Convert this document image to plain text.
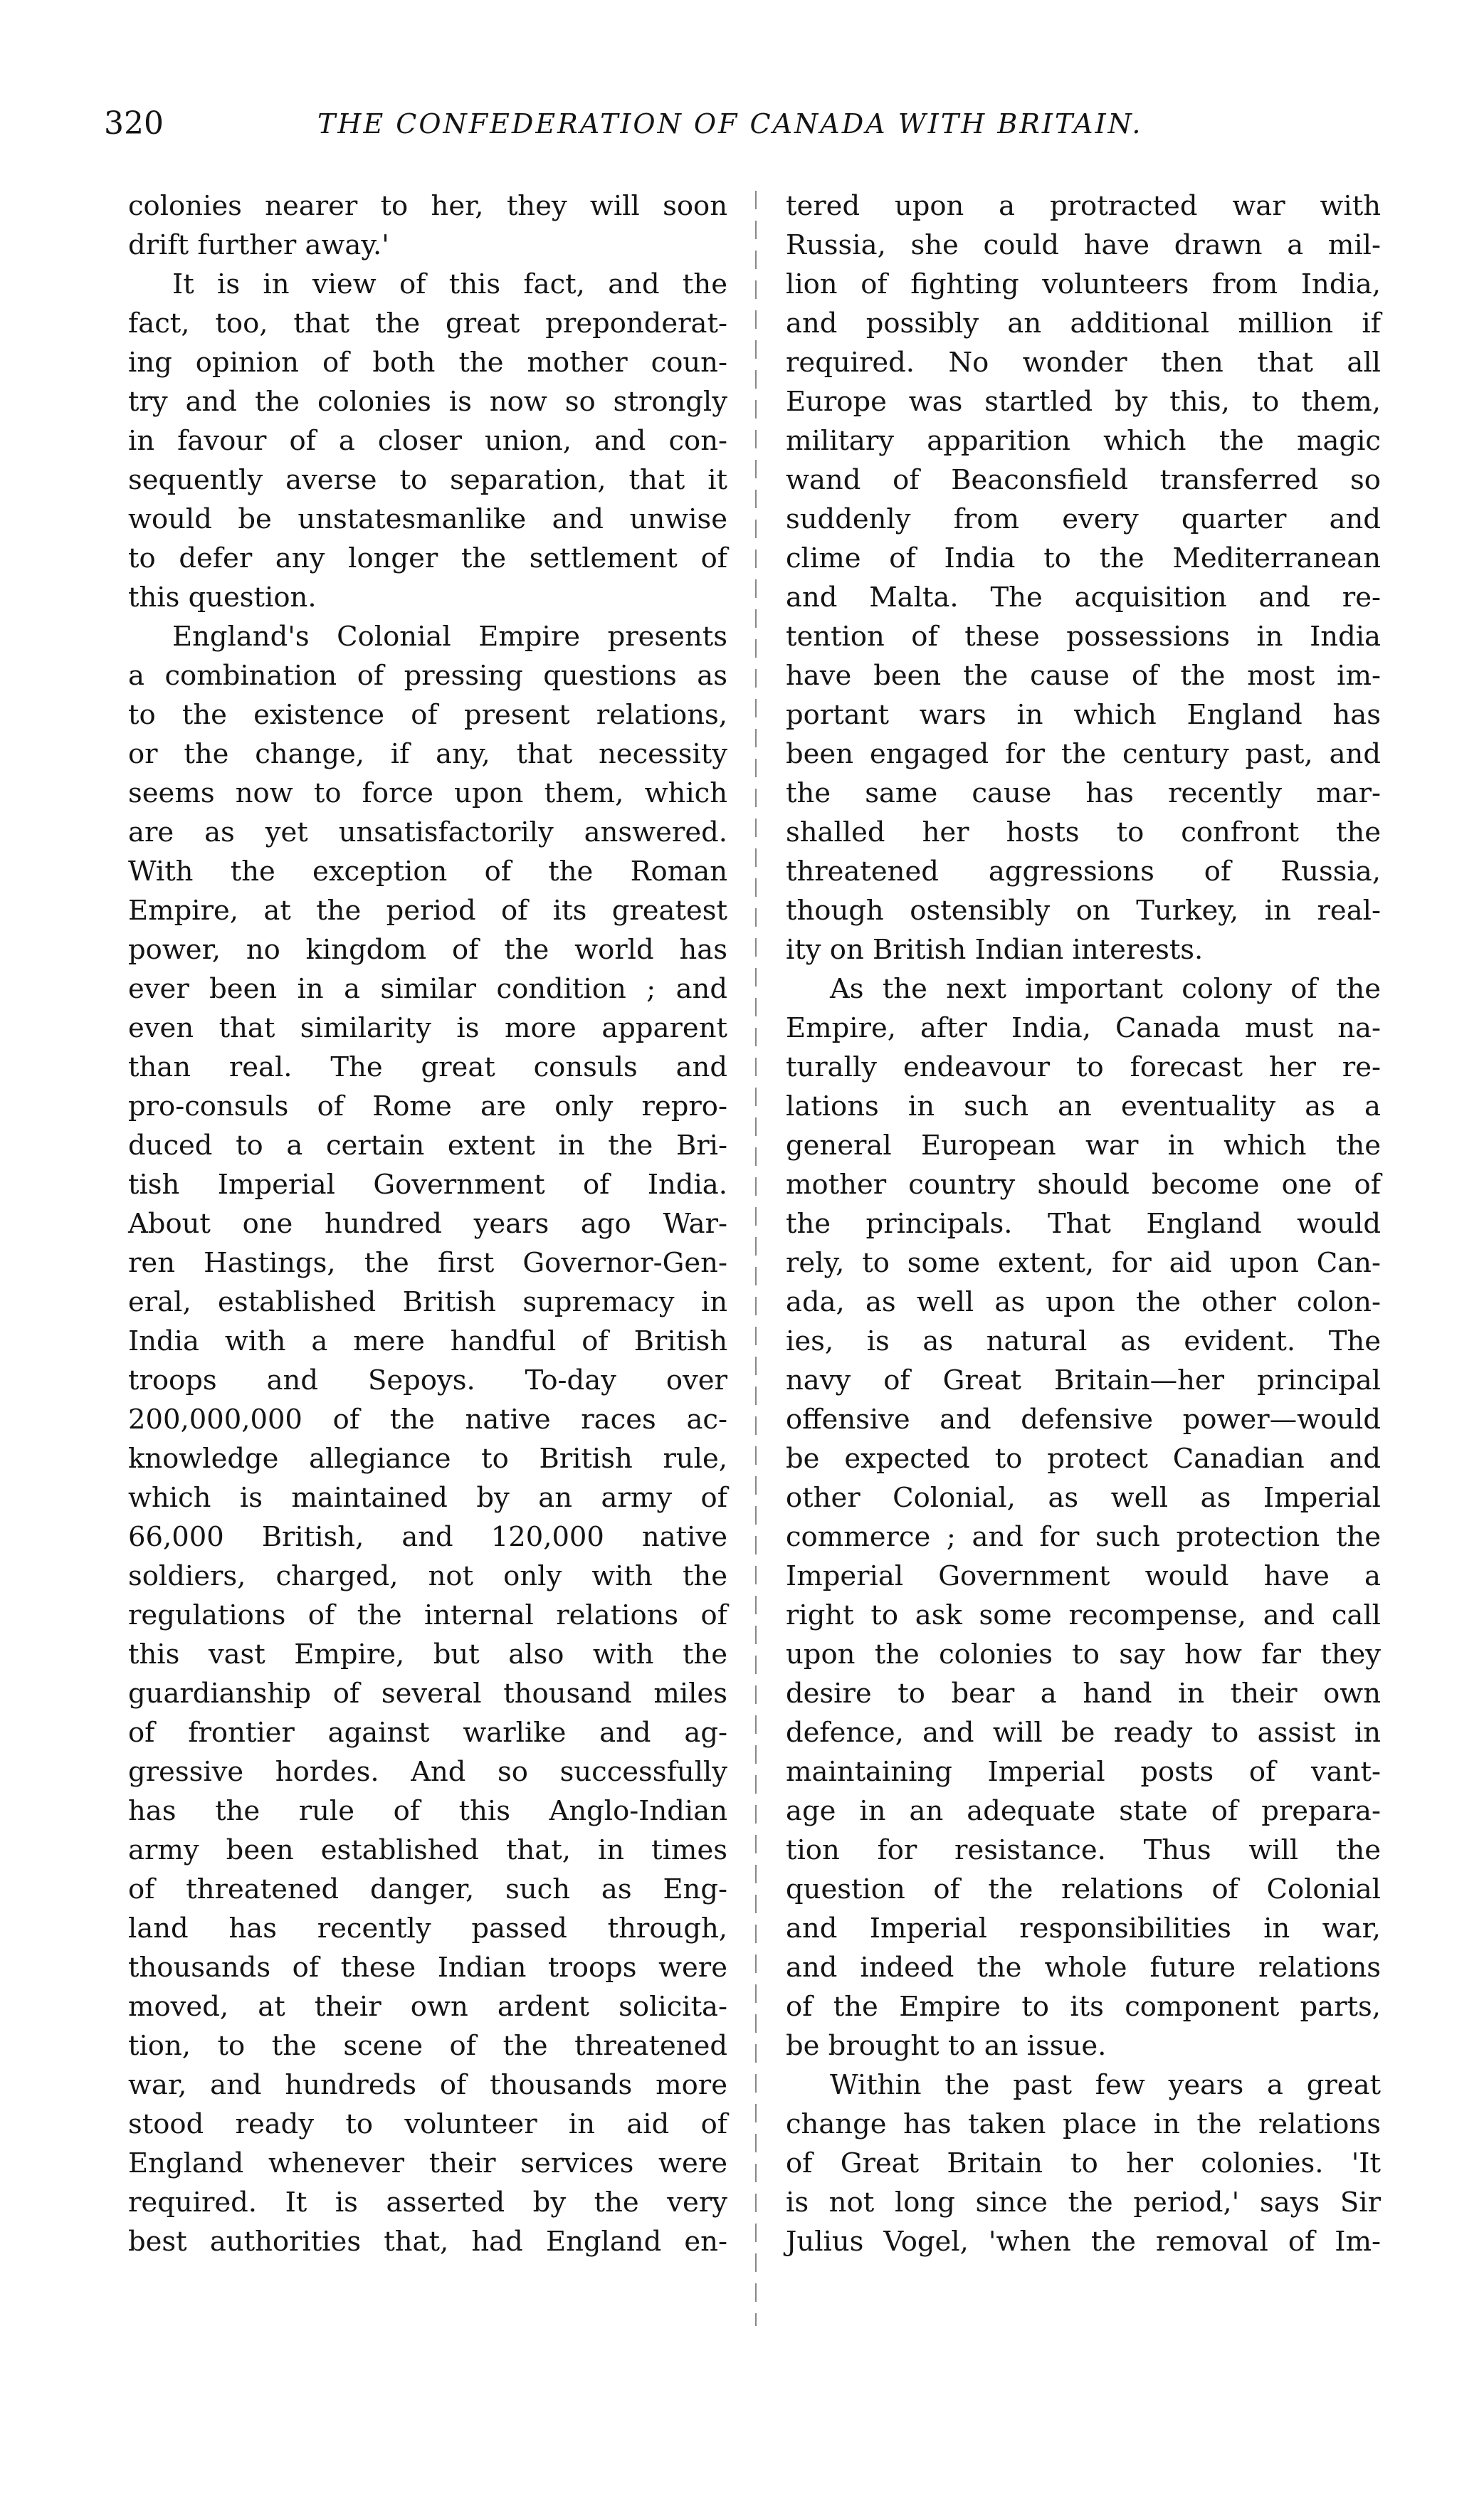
320	THE CONFEDERATION OF CANADA WITH BRITAIN.
colonies nearer to her, they will soon
drift further away.'
It is in view of this fact, and the
fact, too, that the great preponderat-
ing opinion of both the mother coun-
try and the colonies is now so strongly
in favour of a closer union, and con-
sequently averse to separation, that it
would be unstatesmanlike and unwise
to defer any longer the settlement of
this question.
England's Colonial Empire presents
a combination of pressing questions as
to the existence of present relations,
or the change, if any, that necessity
seems now to force upon them, which
are as yet unsatisfactorily answered.
With the exception of the Roman
Empire, at the period of its greatest
power, no kingdom of the world has
ever been in a similar condition ; and
even that similarity is more apparent
than real. The great consuls and
pro-consuls of Rome are only repro-
duced to a certain extent in the Bri-
tish Imperial Government of India.
About one hundred years ago War-
ren Hastings, the first Governor-Gen-
eral, established British supremacy in
India with a mere handful of British
troops and Sepoys. To-day over
200,000,000 of the native races ac-
knowledge allegiance to British rule,
which is maintained by an army of
66,000 British, and 120,000 native
soldiers, charged, not only with the
regulations of the internal relations of
this vast Empire, but also with the
guardianship of several thousand miles
of frontier against warlike and ag-
gressive hordes. And so successfully
has the rule of this Anglo-Indian
army been established that, in times
of threatened danger, such as Eng-
land has recently passed through,
thousands of these Indian troops were
moved, at their own ardent solicita-
tion, to the scene of the threatened
war, and hundreds of thousands more
stood ready to volunteer in aid of
England whenever their services were
required. It is asserted by the very
best authorities that, had England en-
tered upon a protracted war with
Russia, she could have drawn a mil-
lion of fighting volunteers from India,
and possibly an additional million if
required. No wonder then that all
Europe was startled by this, to them,
military apparition which the magic
wand of Beaconsfield transferred so
suddenly from every quarter and
clime of India to the Mediterranean
and Malta. The acquisition and re-
tention of these possessions in India
have been the cause of the most im-
portant wars in which England has
been engaged for the century past, and
the same cause has recently mar-
shalled her hosts to confront the
threatened aggressions of Russia,
though ostensibly on Turkey, in real-
ity on British Indian interests.
As the next important colony of the
Empire, after India, Canada must na-
turally endeavour to forecast her re-
lations in such an eventuality as a
general European war in which the
mother country should become one of
the principals. That England would
rely, to some extent, for aid upon Can-
ada, as well as upon the other colon-
ies, is as natural as evident. The
navy of Great Britain—her principal
offensive and defensive power—would
be expected to protect Canadian and
other Colonial, as well as Imperial
commerce ; and for such protection the
Imperial Government would have a
right to ask some recompense, and call
upon the colonies to say how far they
desire to bear a hand in their own
defence, and will be ready to assist in
maintaining Imperial posts of vant-
age in an adequate state of prepara-
tion for resistance. Thus will the
question of the relations of Colonial
and Imperial responsibilities in war,
and indeed the whole future relations
of the Empire to its component parts,
be brought to an issue.
Within the past few years a great
change has taken place in the relations
of Great Britain to her colonies. 'It
is not long since the period,' says Sir
Julius Vogel, 'when the removal of Im-
